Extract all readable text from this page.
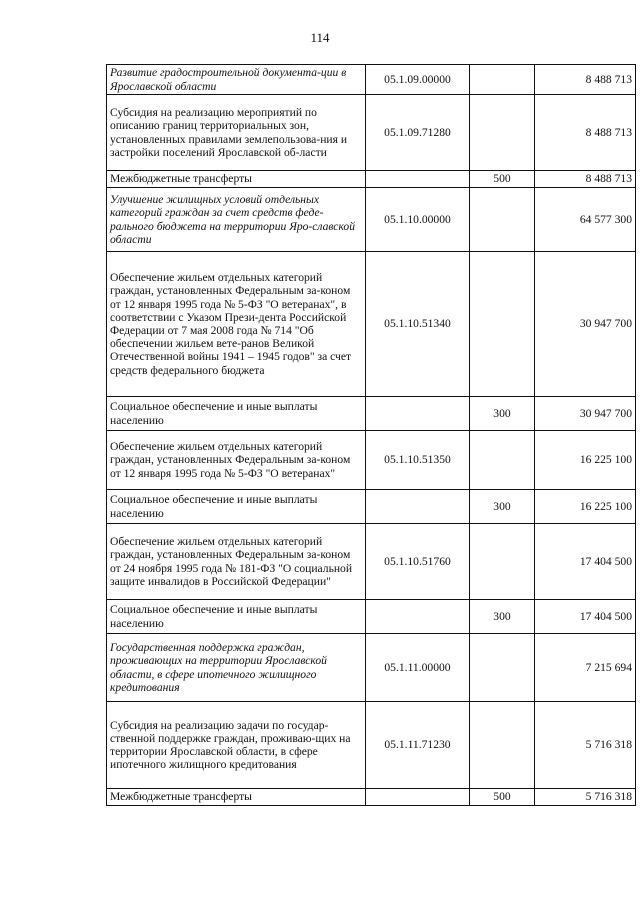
114
Развитие градостроительной документа-ции в Ярославской области	05.1.09.00000		8 488 713
Субсидия на реализацию мероприятий по описанию границ территориальных зон, установленных правилами землепользова-ния и застройки поселений Ярославской об-ласти	05.1.09.71280		8 488 713
Межбюджетные трансферты		500	8 488 713
Улучшение жилищных условий отдельных категорий граждан за счет средств феде-рального бюджета на территории Яро-славской области	05.1.10.00000		64 577 300
Обеспечение жильем отдельных категорий граждан, установленных Федеральным за-коном от 12 января 1995 года № 5-ФЗ "О ветеранах", в соответствии с Указом Прези-дента Российской Федерации от 7 мая 2008 года № 714 "Об обеспечении жильем вете-ранов Великой Отечественной войны 1941 – 1945 годов" за счет средств федерального бюджета	05.1.10.51340		30 947 700
Социальное обеспечение и иные выплаты населению		300	30 947 700
Обеспечение жильем отдельных категорий граждан, установленных Федеральным за-коном от 12 января 1995 года № 5-ФЗ "О ветеранах"	05.1.10.51350		16 225 100
Социальное обеспечение и иные выплаты населению		300	16 225 100
Обеспечение жильем отдельных категорий граждан, установленных Федеральным за-коном от 24 ноября 1995 года № 181-ФЗ "О социальной защите инвалидов в Российской Федерации"	05.1.10.51760		17 404 500
Социальное обеспечение и иные выплаты населению		300	17 404 500
Государственная поддержка граждан, проживающих на территории Ярославской области, в сфере ипотечного жилищного кредитования	05.1.11.00000		7 215 694
Субсидия на реализацию задачи по государ-ственной поддержке граждан, проживаю-щих на территории Ярославской области, в сфере ипотечного жилищного кредитования	05.1.11.71230		5 716 318
Межбюджетные трансферты		500	5 716 318
